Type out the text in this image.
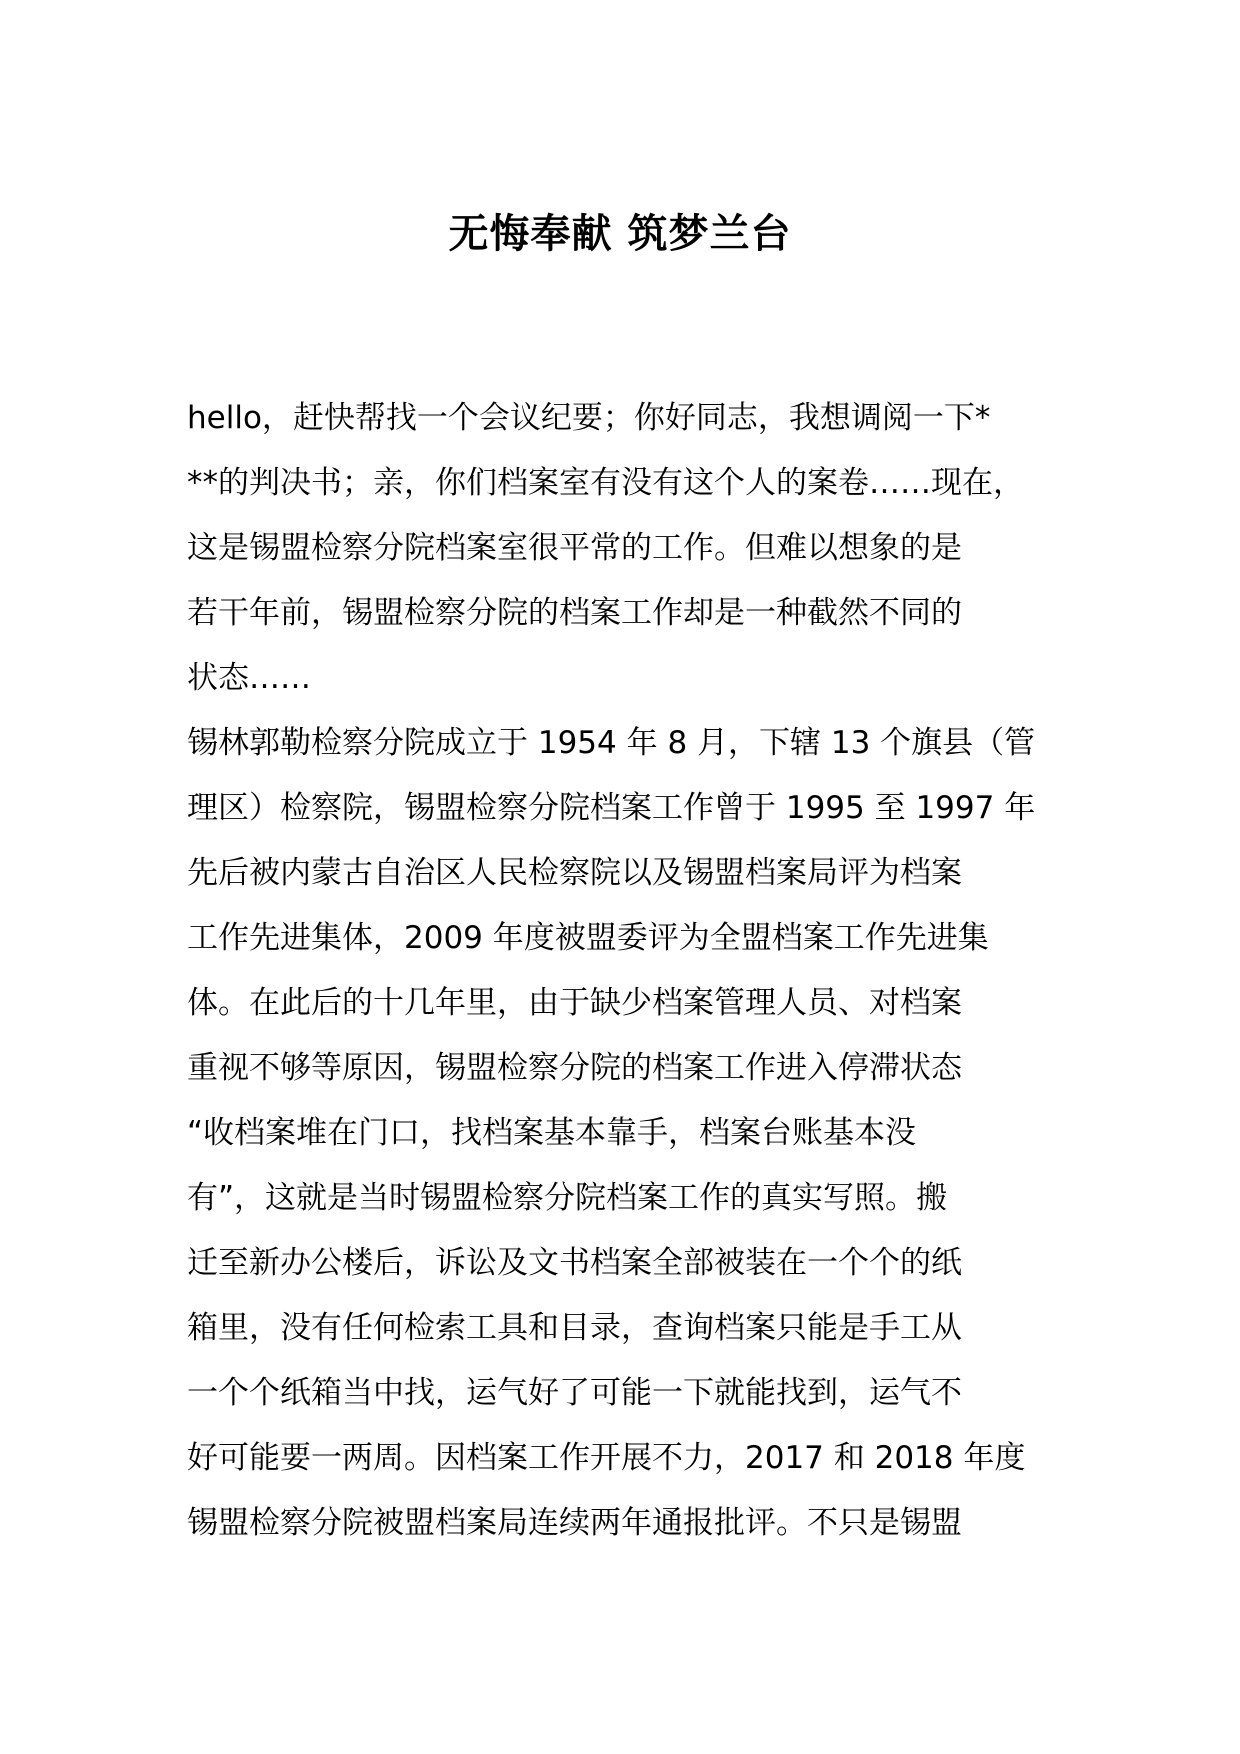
无悔奉献 筑梦兰台
hello，赶快帮找一个会议纪要；你好同志，我想调阅一下*
**的判决书；亲，你们档案室有没有这个人的案卷……现在，
这是锡盟检察分院档案室很平常的工作。但难以想象的是
若干年前，锡盟检察分院的档案工作却是一种截然不同的
状态……
锡林郭勒检察分院成立于 1954 年 8 月，下辖 13 个旗县（管
理区）检察院，锡盟检察分院档案工作曾于 1995 至 1997 年
先后被内蒙古自治区人民检察院以及锡盟档案局评为档案
工作先进集体，2009 年度被盟委评为全盟档案工作先进集
体。在此后的十几年里，由于缺少档案管理人员、对档案
重视不够等原因，锡盟检察分院的档案工作进入停滞状态
“收档案堆在门口，找档案基本靠手，档案台账基本没
有”，这就是当时锡盟检察分院档案工作的真实写照。搬
迁至新办公楼后，诉讼及文书档案全部被装在一个个的纸
箱里，没有任何检索工具和目录，查询档案只能是手工从
一个个纸箱当中找，运气好了可能一下就能找到，运气不
好可能要一两周。因档案工作开展不力，2017 和 2018 年度
锡盟检察分院被盟档案局连续两年通报批评。不只是锡盟
